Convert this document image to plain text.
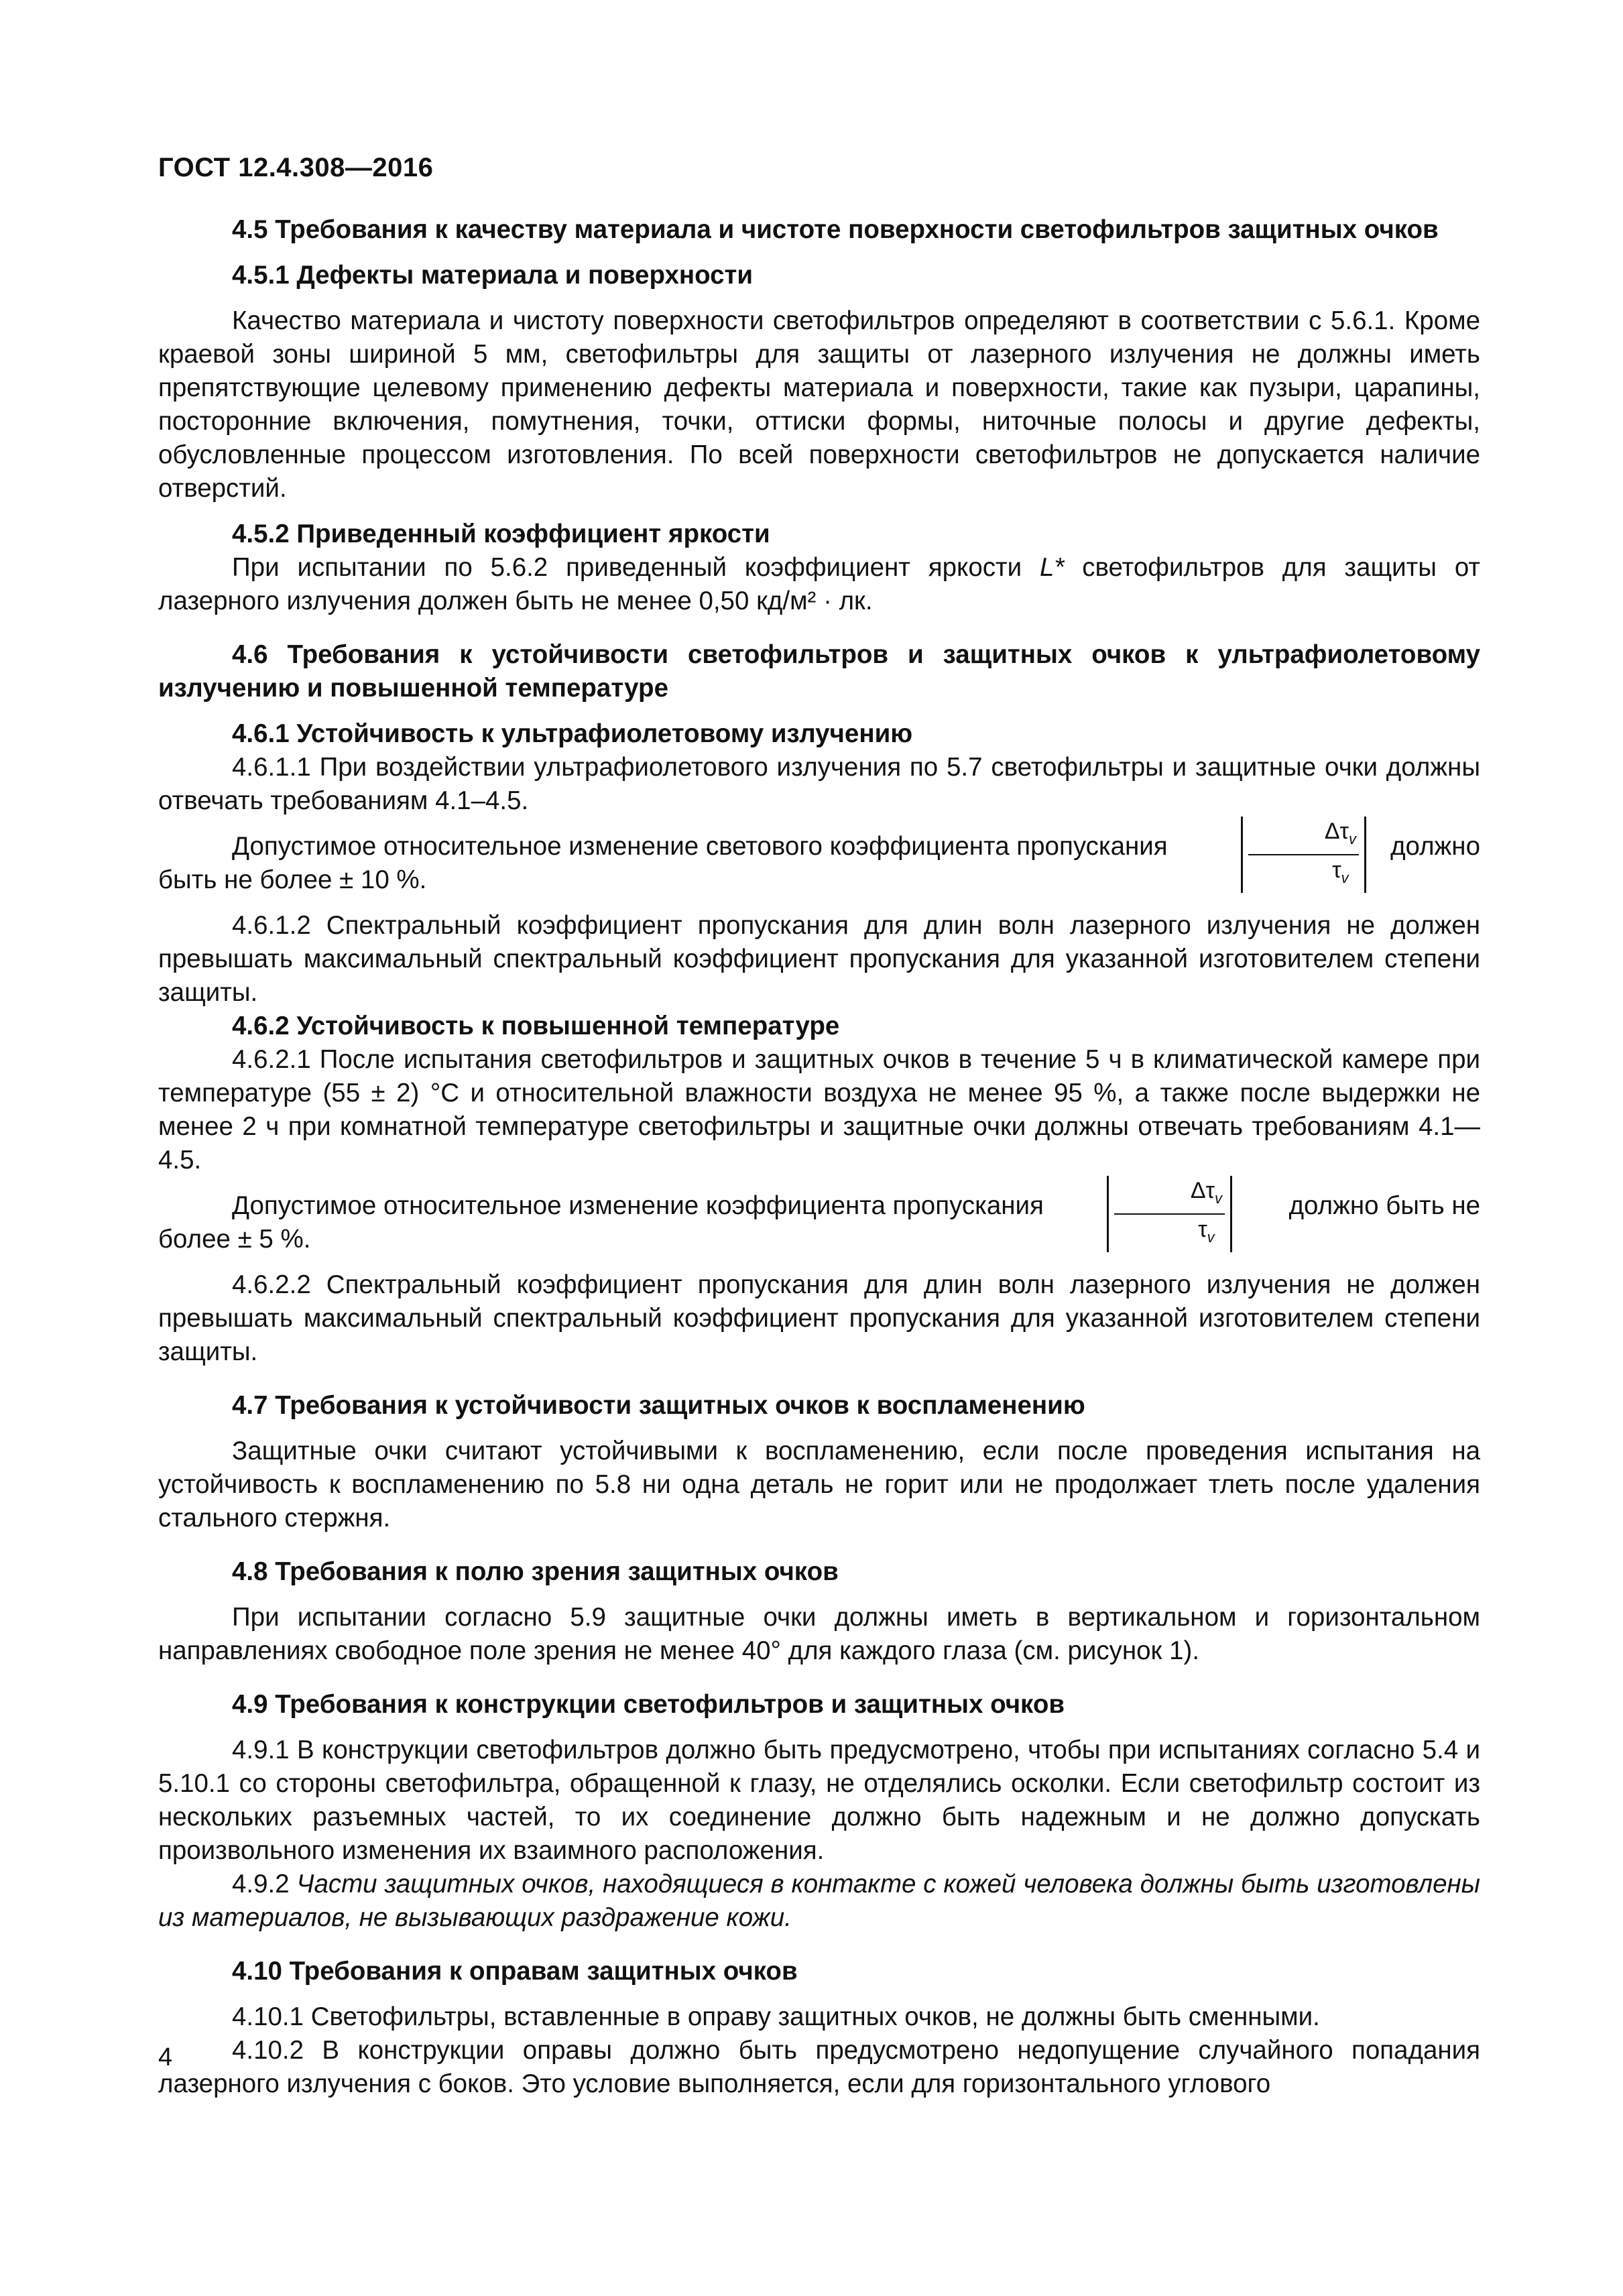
ГОСТ 12.4.308—2016

4.5 Требования к качеству материала и чистоте поверхности светофильтров защитных очков

4.5.1 Дефекты материала и поверхности

Качество материала и чистоту поверхности светофильтров определяют в соответствии с 5.6.1. Кроме краевой зоны шириной 5 мм, светофильтры для защиты от лазерного излучения не должны иметь препятствующие целевому применению дефекты материала и поверхности, такие как пузыри, царапины, посторонние включения, помутнения, точки, оттиски формы, ниточные полосы и другие дефекты, обусловленные процессом изготовления. По всей поверхности светофильтров не допускается наличие отверстий.

4.5.2 Приведенный коэффициент яркости

При испытании по 5.6.2 приведенный коэффициент яркости L* светофильтров для защиты от лазерного излучения должен быть не менее 0,50 кд/м² · лк.

4.6 Требования к устойчивости светофильтров и защитных очков к ультрафиолетовому излучению и повышенной температуре

4.6.1 Устойчивость к ультрафиолетовому излучению

4.6.1.1 При воздействии ультрафиолетового излучения по 5.7 светофильтры и защитные очки должны отвечать требованиям 4.1–4.5.

Допустимое относительное изменение светового коэффициента пропускания
$\Delta\tau_v$
$\tau_v$
должно

быть не более ± 10 %.

4.6.1.2 Спектральный коэффициент пропускания для длин волн лазерного излучения не должен превышать максимальный спектральный коэффициент пропускания для указанной изготовителем степени защиты.

4.6.2 Устойчивость к повышенной температуре

4.6.2.1 После испытания светофильтров и защитных очков в течение 5 ч в климатической камере при температуре (55 ± 2) °С и относительной влажности воздуха не менее 95 %, а также после выдержки не менее 2 ч при комнатной температуре светофильтры и защитные очки должны отвечать требованиям 4.1—4.5.

Допустимое относительное изменение коэффициента пропускания
$\Delta\tau_v$
$\tau_v$
должно быть не

более ± 5 %.

4.6.2.2 Спектральный коэффициент пропускания для длин волн лазерного излучения не должен превышать максимальный спектральный коэффициент пропускания для указанной изготовителем степени защиты.

4.7 Требования к устойчивости защитных очков к воспламенению

Защитные очки считают устойчивыми к воспламенению, если после проведения испытания на устойчивость к воспламенению по 5.8 ни одна деталь не горит или не продолжает тлеть после удаления стального стержня.

4.8 Требования к полю зрения защитных очков

При испытании согласно 5.9 защитные очки должны иметь в вертикальном и горизонтальном направлениях свободное поле зрения не менее 40° для каждого глаза (см. рисунок 1).

4.9 Требования к конструкции светофильтров и защитных очков

4.9.1 В конструкции светофильтров должно быть предусмотрено, чтобы при испытаниях согласно 5.4 и 5.10.1 со стороны светофильтра, обращенной к глазу, не отделялись осколки. Если светофильтр состоит из нескольких разъемных частей, то их соединение должно быть надежным и не должно допускать произвольного изменения их взаимного расположения.

4.9.2 Части защитных очков, находящиеся в контакте с кожей человека должны быть изготовлены из материалов, не вызывающих раздражение кожи.

4.10 Требования к оправам защитных очков

4.10.1 Светофильтры, вставленные в оправу защитных очков, не должны быть сменными.

4.10.2 В конструкции оправы должно быть предусмотрено недопущение случайного попадания лазерного излучения с боков. Это условие выполняется, если для горизонтального углового

4
